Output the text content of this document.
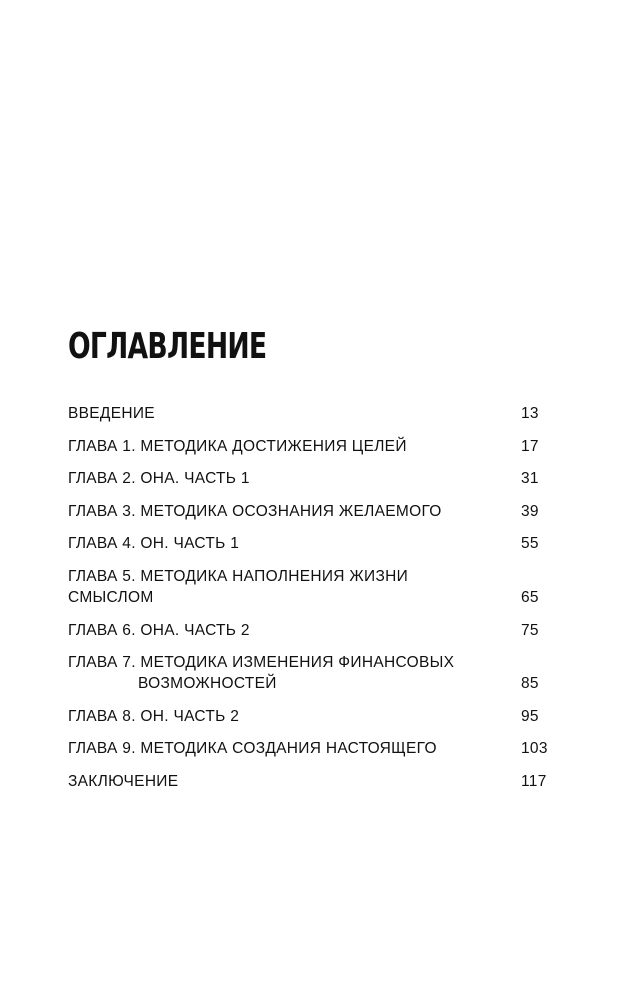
ОГЛАВЛЕНИЕ
ВВЕДЕНИЕ	13
ГЛАВА 1. МЕТОДИКА ДОСТИЖЕНИЯ ЦЕЛЕЙ	17
ГЛАВА 2. ОНА. ЧАСТЬ 1	31
ГЛАВА 3. МЕТОДИКА ОСОЗНАНИЯ ЖЕЛАЕМОГО	39
ГЛАВА 4. ОН. ЧАСТЬ 1	55
ГЛАВА 5. МЕТОДИКА НАПОЛНЕНИЯ ЖИЗНИ СМЫСЛОМ	65
ГЛАВА 6. ОНА. ЧАСТЬ 2	75
ГЛАВА 7. МЕТОДИКА ИЗМЕНЕНИЯ ФИНАНСОВЫХ
ВОЗМОЖНОСТЕЙ	85
ГЛАВА 8. ОН. ЧАСТЬ 2	95
ГЛАВА 9. МЕТОДИКА СОЗДАНИЯ НАСТОЯЩЕГО	103
ЗАКЛЮЧЕНИЕ	117
